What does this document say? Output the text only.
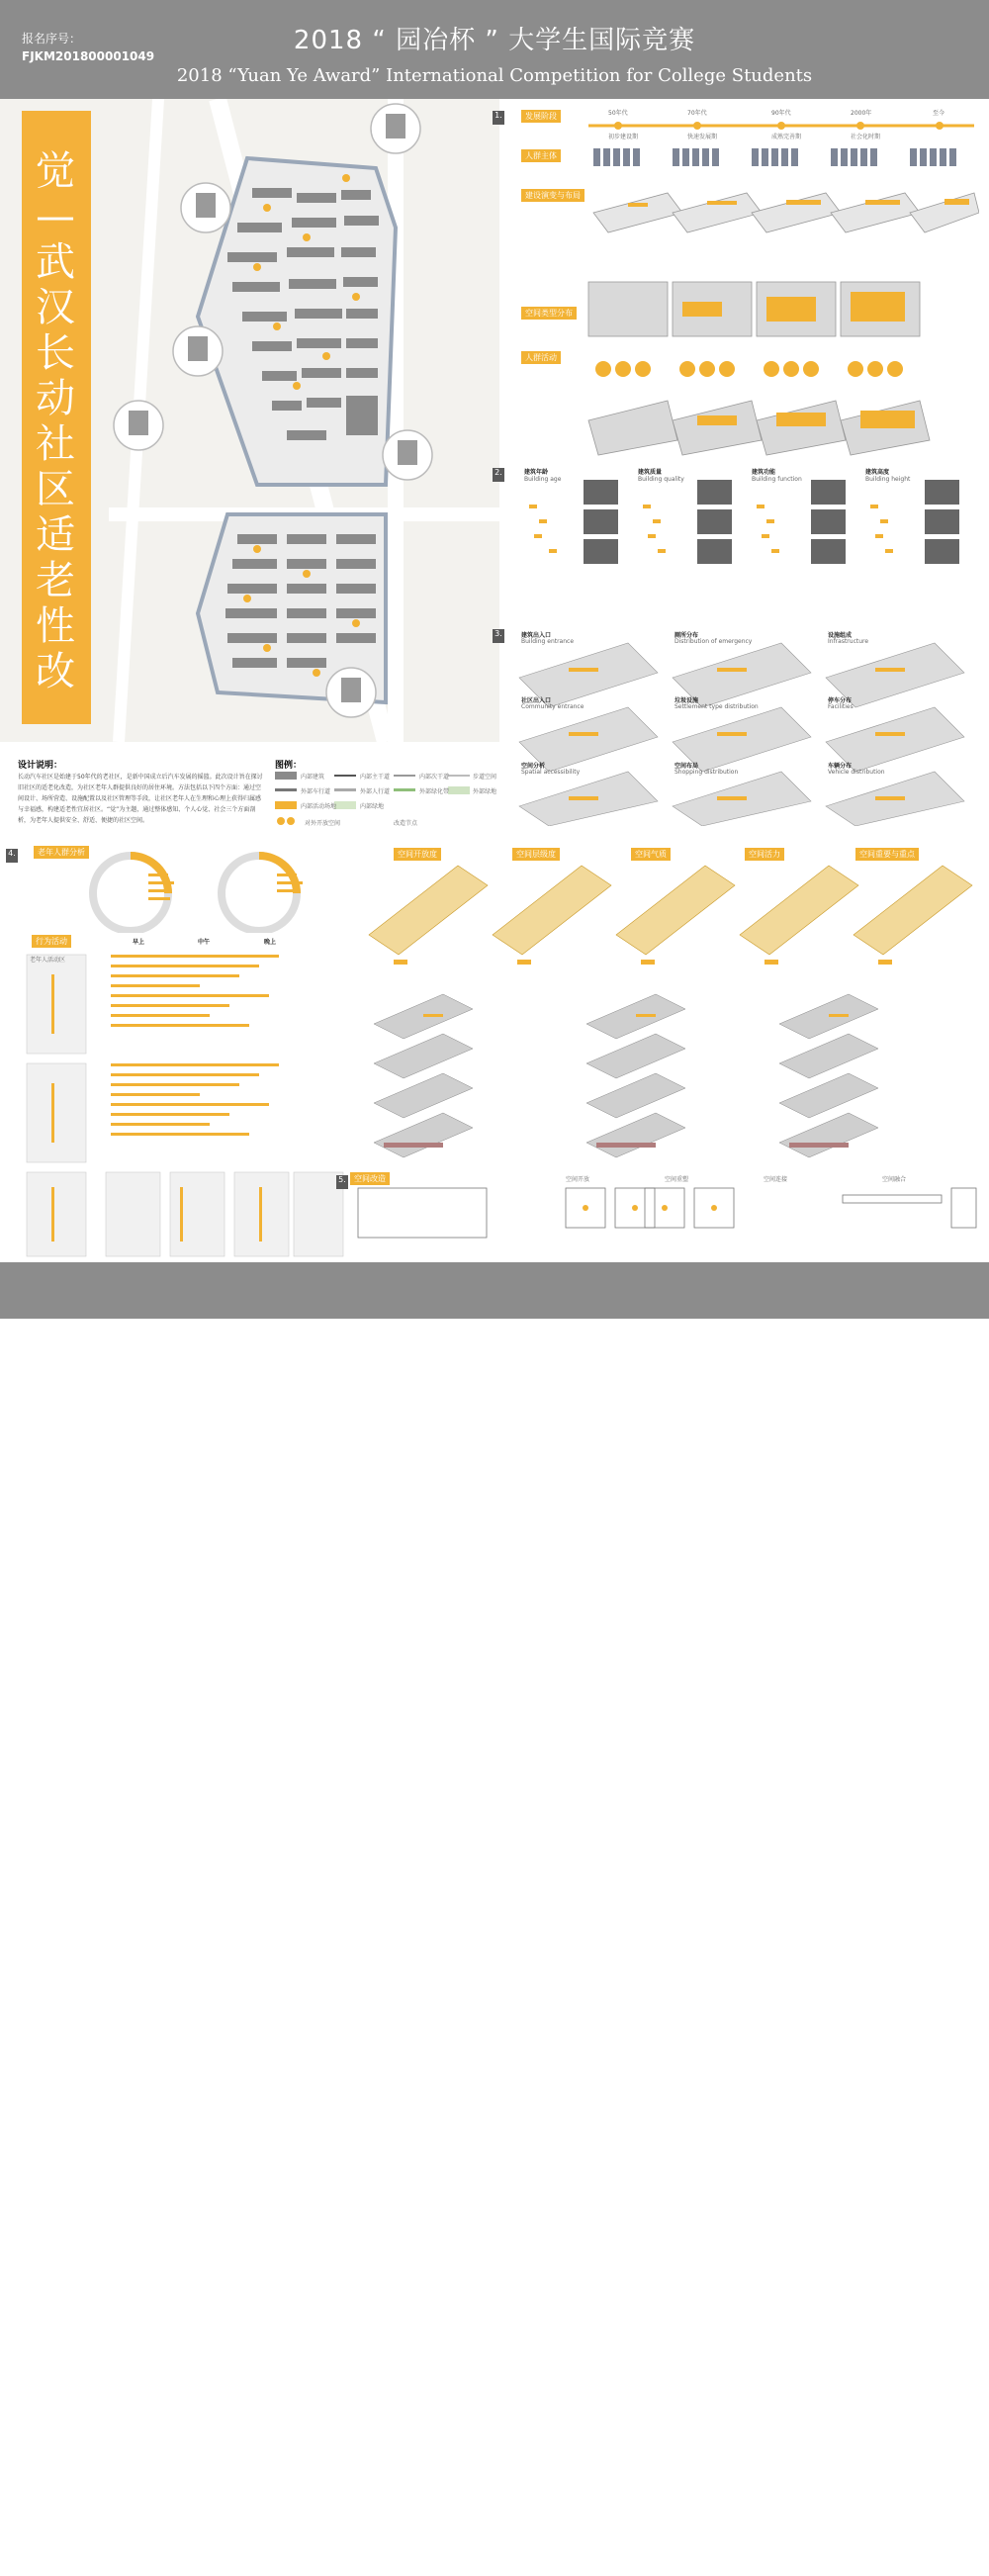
报名序号：
FJKM201800001049
2018 “ 园冶杯 ” 大学生国际竞赛
2018 “Yuan Ye Award” International Competition for College Students
觉
—
武
汉
长
动
社
区
适
老
性
改
1.	发展阶段
人群主体
建设演变与布局
空间类型分布
人群活动
50年代	70年代	90年代	2000年	至今
初步建设期	快速发展期	成熟完善期	社会化时期
2.	建筑年龄	建筑质量	建筑功能	建筑高度
Building age	Building quality	Building function	Building height
3.	建筑出入口	厕所分布	设施组成
社区出入口	垃圾设施	停车分布
空间分析	空间布局	车辆分布
Building entrance	Distribution of emergency	Infrastructure
Community entrance	Settlement type distribution	Facilities
Spatial accessibility	Shopping distribution	Vehicle distribution
设计说明：
长动汽车社区是始建于50年代的老社区，是新中国成立后汽车发展的摇篮。此次设计旨在探讨旧社区的适老化改造，为社区老年人群提供良好的居住环境。方法包括以下四个方面：通过空间设计、场所营造、设施配置以及社区管理等手段，让社区老年人在生理和心理上获得归属感与幸福感，构建适老性宜居社区。“觉”为主题，通过整体感知、个人心觉、社会三个方面剖析，为老年人提供安全、舒适、便捷的社区空间。
图例：
内部建筑	内部主干道	内部次干道	步道空间
外部车行道	外部人行道	外部绿化带	外部绿地
内部活动场地	内部绿地
对外开放空间	改造节点
4.	老年人群分析	空间开放度	空间层级度	空间气质	空间活力	空间重要与重点
行为活动	早上	中午	晚上
老年人活动区
5.	空间改造	空间开放	空间重塑	空间连接	空间融合
中国风景园林网
WORLDSCAPE
